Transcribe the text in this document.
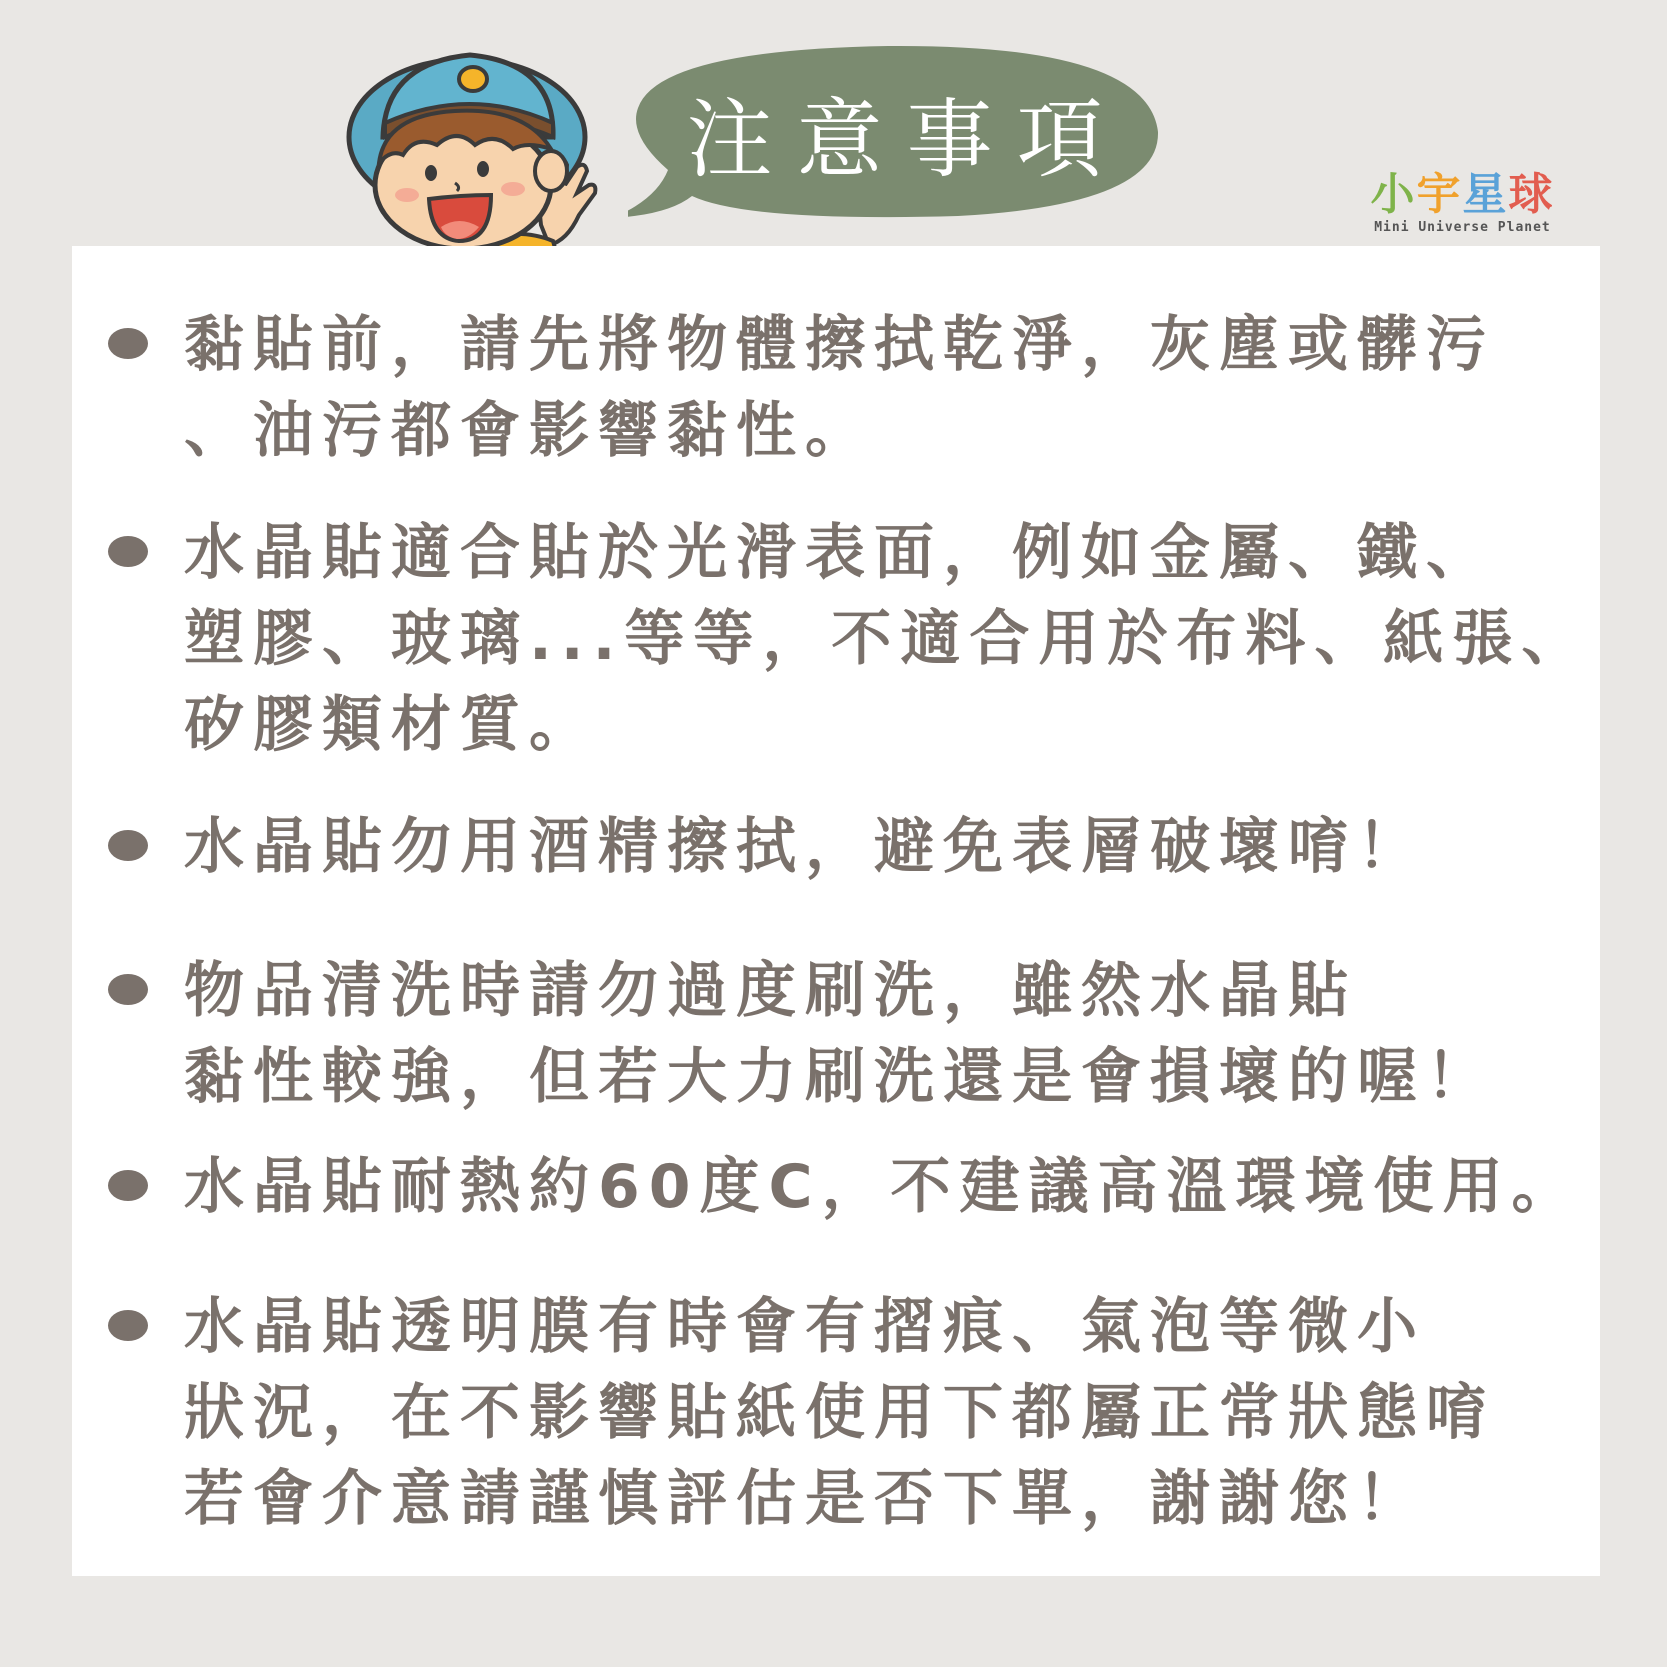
注意事項
小宇星球
Mini Universe Planet

黏貼前，請先將物體擦拭乾淨，灰塵或髒污
、油污都會影響黏性。

水晶貼適合貼於光滑表面，例如金屬、鐵、
塑膠、玻璃...等等，不適合用於布料、紙張、
矽膠類材質。

水晶貼勿用酒精擦拭，避免表層破壞唷！

物品清洗時請勿過度刷洗，雖然水晶貼
黏性較強，但若大力刷洗還是會損壞的喔！

水晶貼耐熱約60度C，不建議高溫環境使用。

水晶貼透明膜有時會有摺痕、氣泡等微小
狀況，在不影響貼紙使用下都屬正常狀態唷
若會介意請謹慎評估是否下單，謝謝您！
